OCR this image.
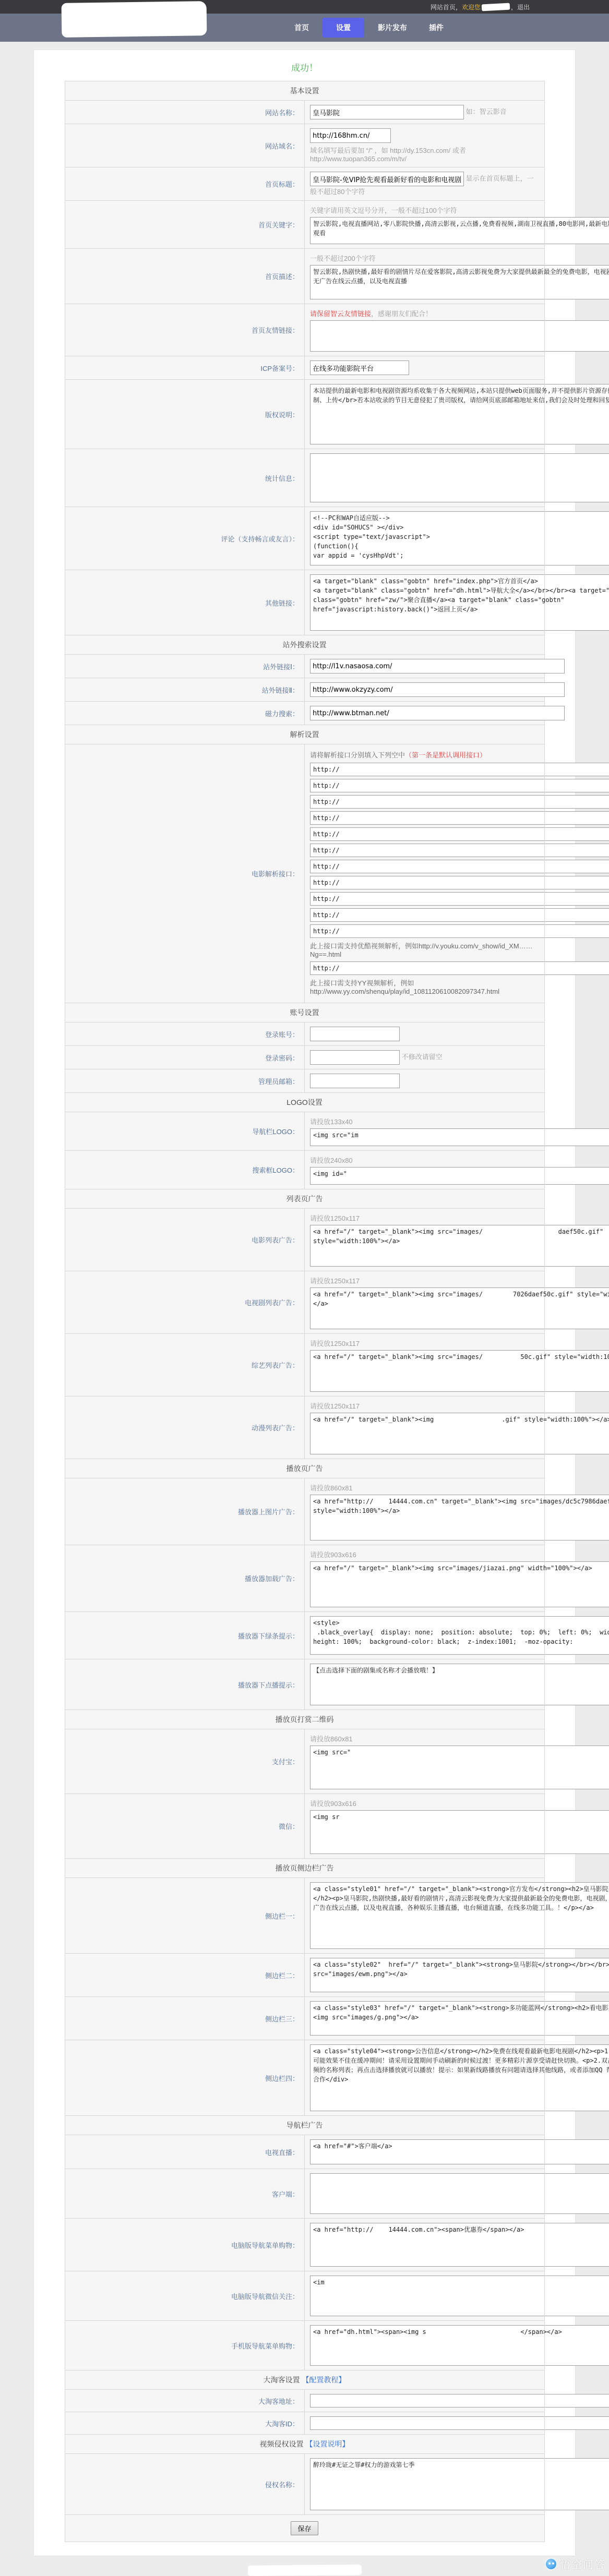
网站首页 ， 欢迎您	， 退出
首页	设置	影片发布	插件
成功！
基本设置	
网站名称：	皇马影院如：智云影音
网站域名：	http://168hm.cn/
域名填写最后要加 “/” ，如 http://dy.153cn.com/ 或者http://www.tuopan365.com/m/tv/

首页标题：	皇马影院-免VIP抢先观看最新好看的电影和电视剧 显示在首页标题上，一般不超过80个字符
首页关键字：	关键字请用英文逗号分开，一般不超过100个字符
智云影院,电视直播网站,零八影院快播,高清云影视,云点播,免费看视频,湖南卫视直播,80电影网,最新电影天堂免费在线观看
首页描述：	一般不超过200个字符
智云影院,热剧快播,最好看的剧情片尽在爱客影院,高清云影视免费为大家提供最新最全的免费电影，电视剧，综艺，动漫无广告在线云点播，以及电视直播
首页友情链接：	请保留智云友情链接，感谢朋友们配合！

ICP备案号：	在线多功能影院平台
版权说明：	
本站提供的最新电影和电视剧资源均系收集于各大视频网站,本站只提供web页面服务,并不提供影片资源存储,也不参与录制、上传</br>若本站收录的节目无意侵犯了贵司版权，请给网页底部邮箱地址来信,我们会及时处理和回复,谢谢。
统计信息：	

评论（支持畅言或友言）：	
<!--PC和WAP自适应版--> <div id="SOHUCS" ></div> <script type="text/javascript"> (function(){ var appid = 'cysHhpVdt';
其他链接：	
<a target="blank" class="gobtn" href="index.php">官方首页</a> <a target="blank" class="gobtn" href="dh.html">导航大全</a></br></br><a target="blank" class="gobtn" href="zw/">聚合直播</a><a target="blank" class="gobtn" href="javascript:history.back()">返回上页</a>
站外搜索设置	
站外链接Ⅰ：	http://l1v.nasaosa.com/
站外链接Ⅱ：	http://www.okzyzy.com/
磁力搜索：	http://www.btman.net/
解析设置	
电影解析接口：	请将解析接口分别填入下列空中（第一条是默认调用接口）
http://
http://
http://
http://
http://
http://
http://
http://
http://
http://
http://
此上接口需支持优酷视频解析，例如http://v.youku.com/v_show/id_XM……Ng==.html
http://
此上接口需支持YY视频解析，例如http://www.yy.com/shenqu/play/id_1081120610082097347.html

账号设置	
登录账号：	
登录密码：	不修改请留空
管理员邮箱：	
LOGO设置	
导航栏LOGO：	请投放133x40
<img src="im
搜索框LOGO：	请投放240x80
<img id="
列表页广告	
电影列表广告：	请投放1250x117
<a href="/" target="_blank"><img src="images/ daef50c.gif" style="width:100%"></a>
电视剧列表广告：	请投放1250x117
<a href="/" target="_blank"><img src="images/ 7026daef50c.gif" style="width:100%"></a>
综艺列表广告：	请投放1250x117
<a href="/" target="_blank"><img src="images/ 50c.gif" style="width:100%"></a>
动漫列表广告：	请投放1250x117
<a href="/" target="_blank"><img .gif" style="width:100%"></a>
播放页广告	
播放器上图片广告：	请投放860x81
<a href="http:// 14444.com.cn" target="_blank"><img src="images/dc5c7986daef50c.gif" style="width:100%"></a>
播放器加载广告：	请投放903x616
<a href="/" target="_blank"><img src="images/jiazai.png" width="100%"></a>
播放器下绿条提示：	
<style> .black_overlay{ display: none; position: absolute; top: 0%; left: 0%; width: 100%; height: 100%; background-color: black; z-index:1001; -moz-opacity:
播放器下点播提示：	
【点击选择下面的剧集或名称才会播放哦！】
播放页打赏二维码	
支付宝：	请投放860x81
<img src="
微信：	请投放903x616
<img sr
播放页侧边栏广告	
侧边栏一：	
<a class="style01" href="/" target="_blank"><strong>官方发布</strong><h2>皇马影院-免VIP看视频</h2><p>皇马影院,热剧快播,最好看的剧情片,高清云影视免费为大家提供最新最全的免费电影，电视剧，综艺，动漫无广告在线云点播，以及电视直播，各种娱乐主播直播，电台频道直播，在线多功能工具。！</p></a>
侧边栏二：	
<a class="style02" href="/" target="_blank"><strong>皇马影院</strong></br></br><img src="images/ewm.png"></a>
侧边栏三：	
<a class="style03" href="/" target="_blank"><strong>多功能蓝网</strong><h2>看电影不卡顿</h2><img src="images/g.png"></a>
侧边栏四：	
<a class="style04"><strong>公告信息</strong></h2>免费在线观看最新电影电视剧</h2><p>1.部分影音直播可能效果不佳在缓冲期间！请采用设置期间手动刷新的时候过渡！更多精彩片源享受请赶快切换。<p>2.双击视频；点击视频的名称列表；再点击选择播放就可以播放！提示：如果新线路播放有问题请选择其他线路，或者添加QQ 帮助修复！谢谢合作</div>
导航栏广告	
电视直播：	
<a href="#">客户端</a>
客户端：	

电脑版导航菜单购物：	
<a href="http:// 14444.com.cn"><span>优惠券</span></a>
电脑版导航微信关注：	
<im
手机版导航菜单购物：	
<a href="dh.html"><span><img s </span></a>
大淘客设置 【配置教程】	
大淘客地址：	

大淘客ID：	

视频侵权设置 【设置说明】	
侵权名称：	
醉玲珑#无证之罪#权力的游戏第七季
保存	
悟空问答
